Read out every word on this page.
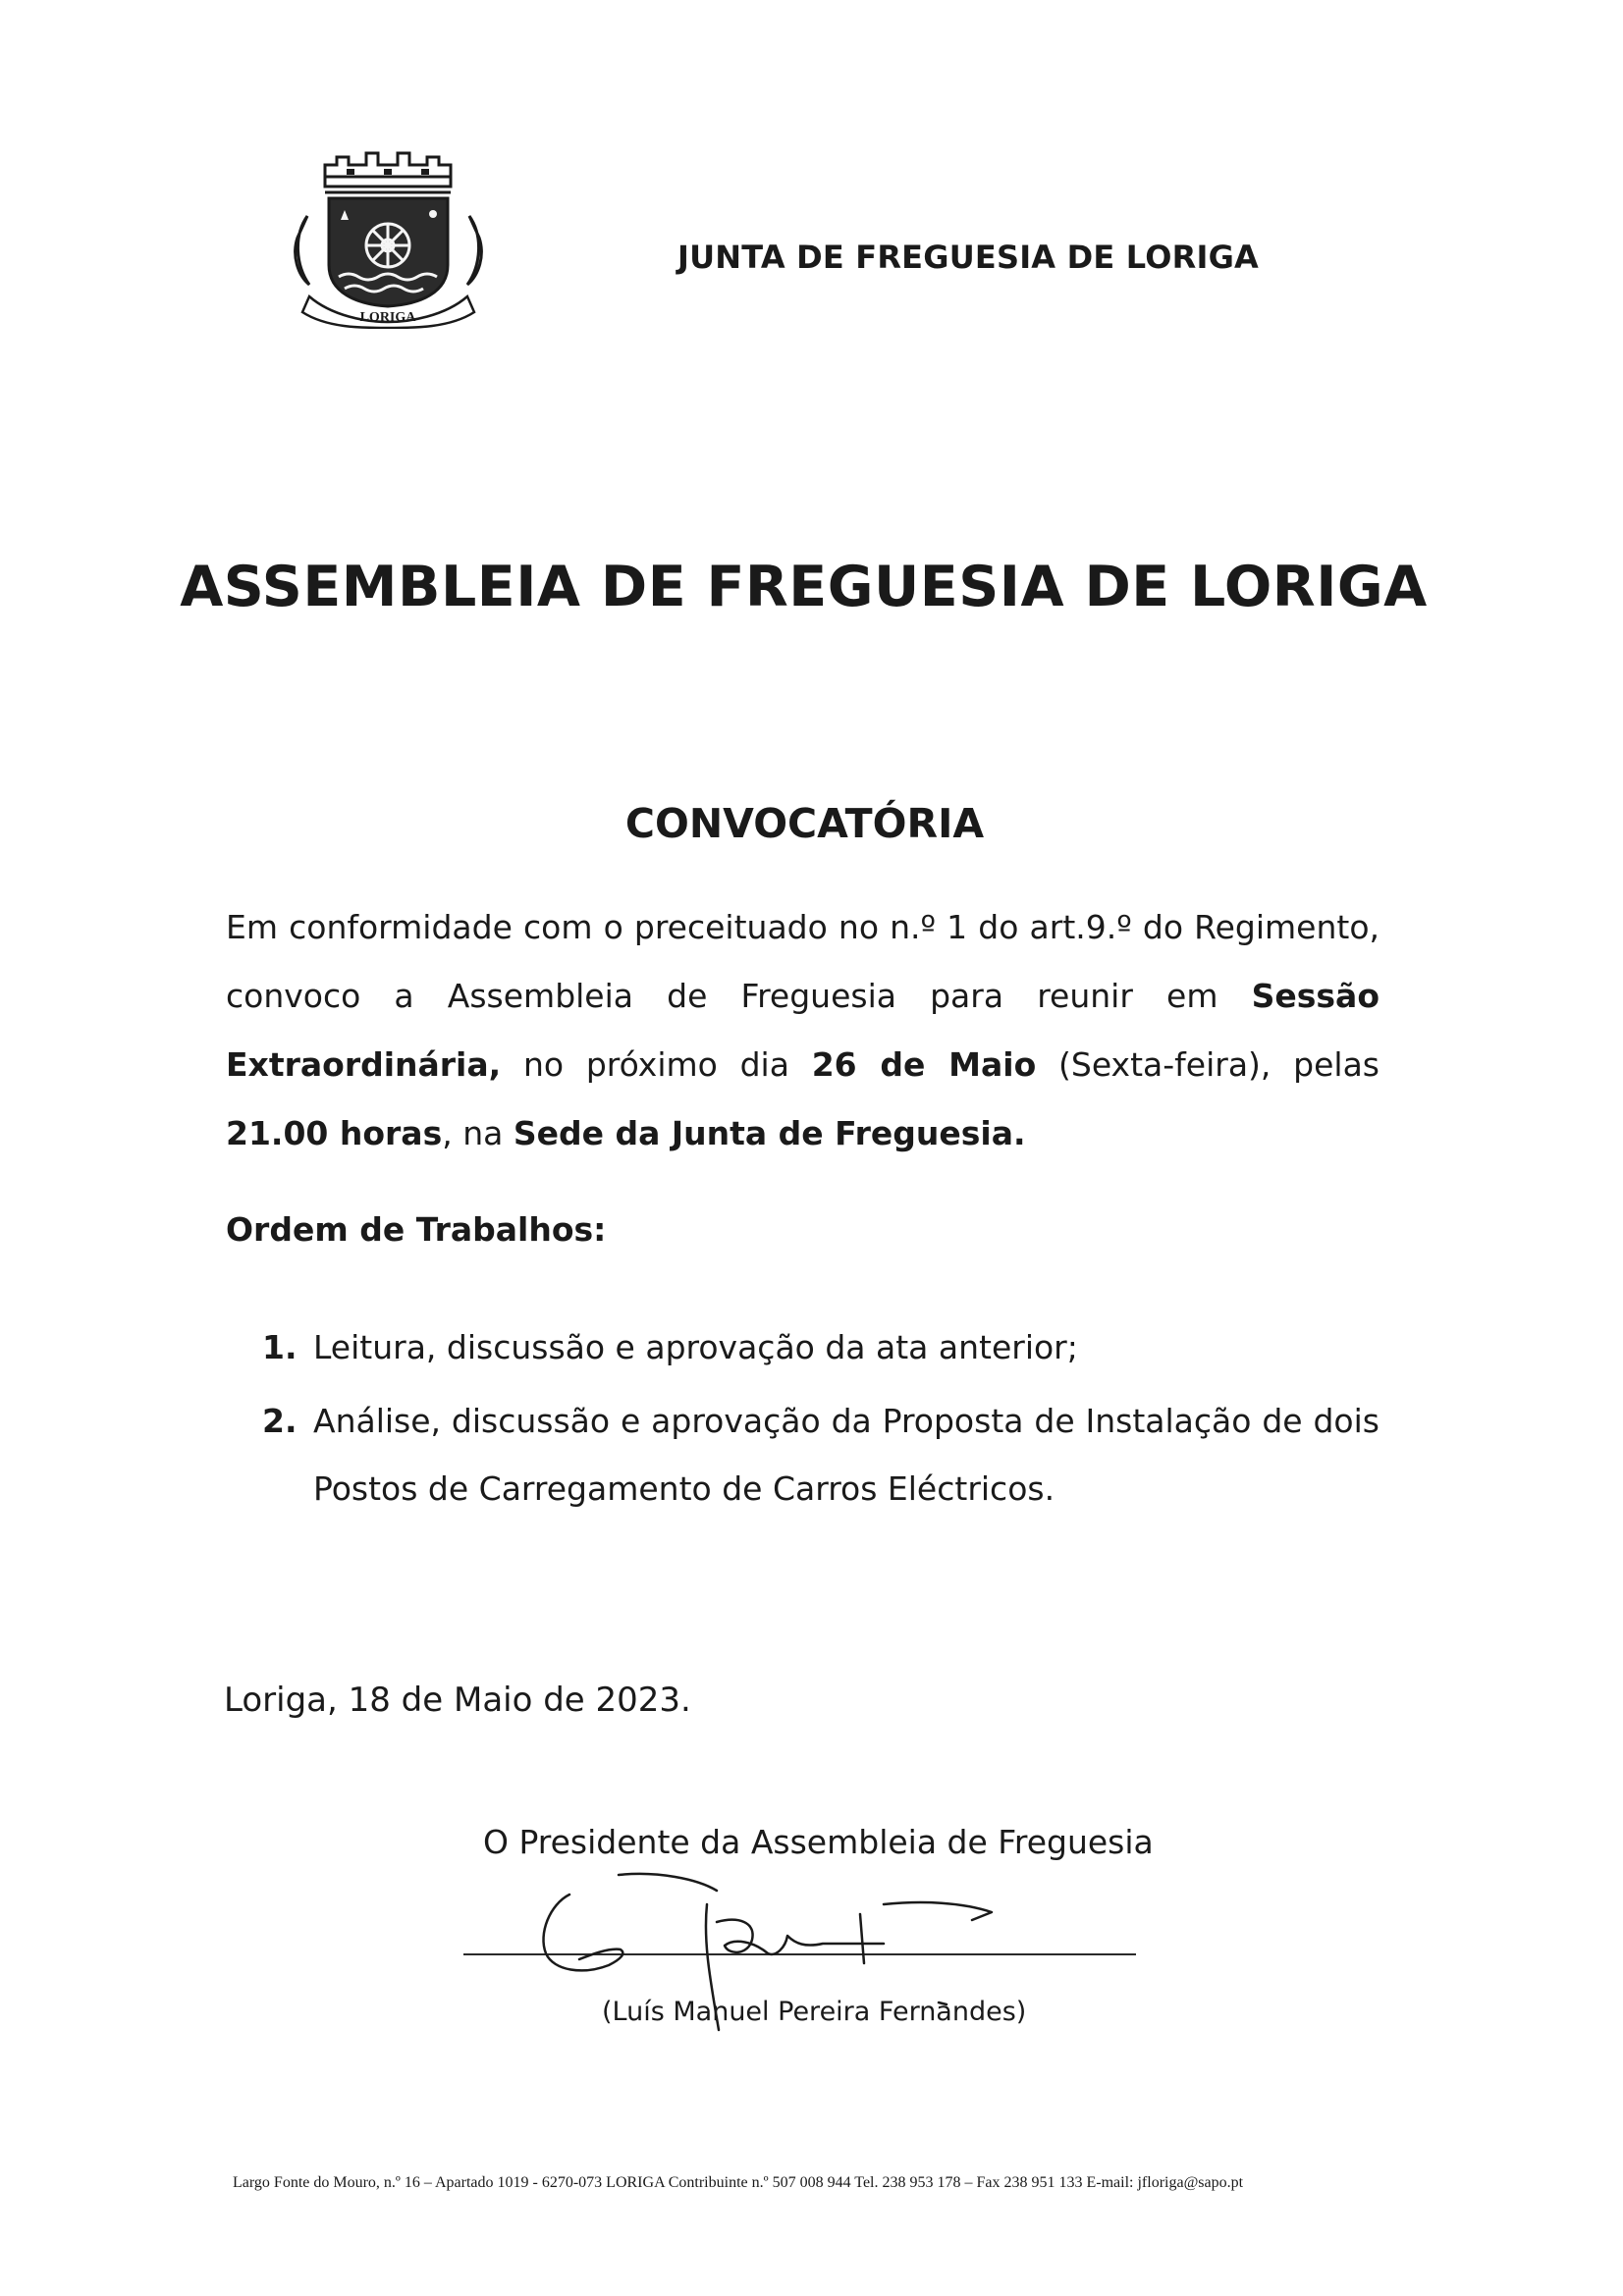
LORIGA
JUNTA DE FREGUESIA DE LORIGA
ASSEMBLEIA DE FREGUESIA DE LORIGA
CONVOCATÓRIA

Em conformidade com o preceituado no n.º 1 do art.9.º do Regimento, convoco a Assembleia de Freguesia para reunir em Sessão Extraordinária, no próximo dia 26 de Maio (Sexta-feira), pelas 21.00 horas, na Sede da Junta de Freguesia.

Ordem de Trabalhos:
1. Leitura, discussão e aprovação da ata anterior;
2. Análise, discussão e aprovação da Proposta de Instalação de dois Postos de Carregamento de Carros Eléctricos.
Loriga, 18 de Maio de 2023.
O Presidente da Assembleia de Freguesia
(Luís Manuel Pereira Fernandes)
Largo Fonte do Mouro, n.º 16 – Apartado 1019 - 6270-073 LORIGA Contribuinte n.º 507 008 944 Tel. 238 953 178 – Fax 238 951 133 E-mail: jfloriga@sapo.pt
